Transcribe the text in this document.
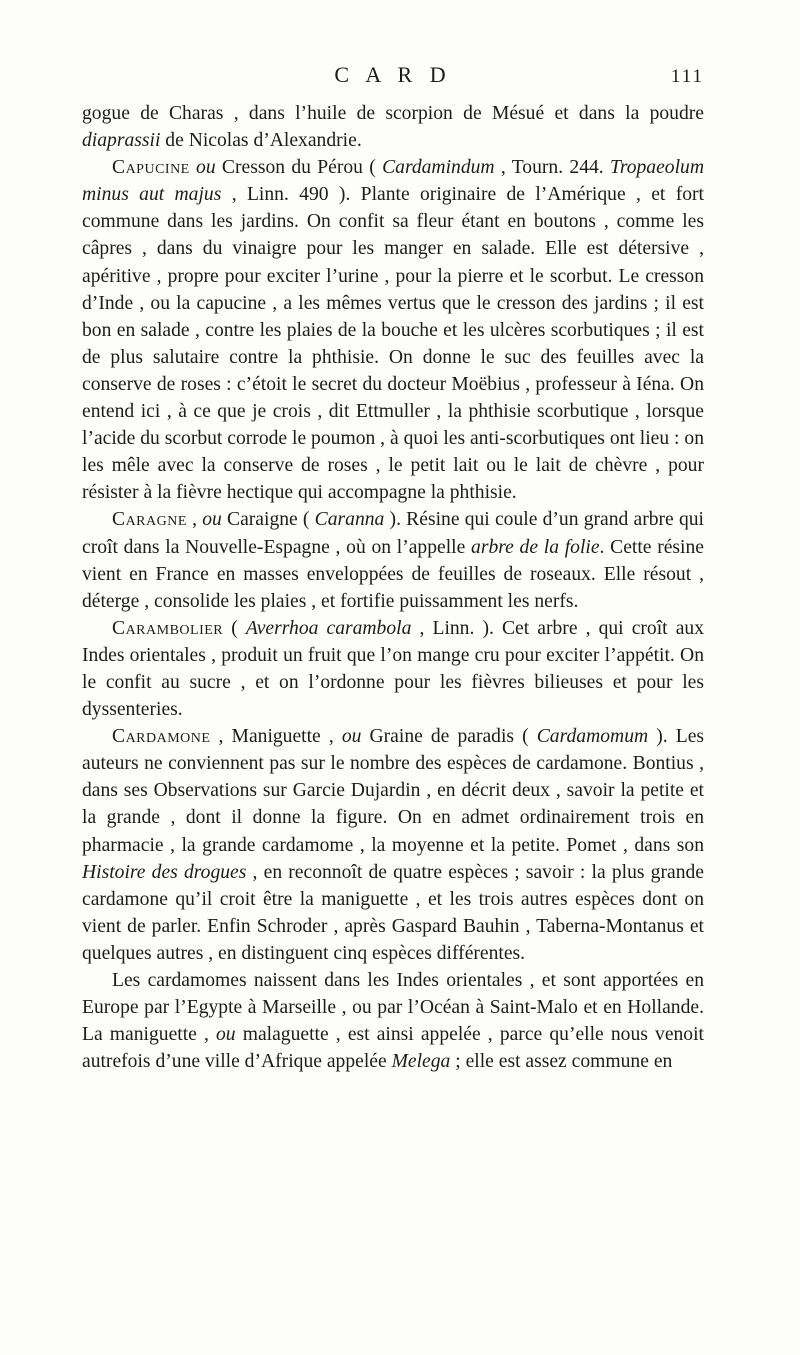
C A R D	111

gogue de Charas , dans l’huile de scorpion de Mésué et dans la poudre diaprassii de Nicolas d’Alexandrie.

Capucine ou Cresson du Pérou ( Cardamindum , Tourn. 244. Tropaeolum minus aut majus , Linn. 490 ). Plante originaire de l’Amérique , et fort commune dans les jardins. On confit sa fleur étant en boutons , comme les câpres , dans du vinaigre pour les manger en salade. Elle est détersive , apéritive , propre pour exciter l’urine , pour la pierre et le scorbut. Le cresson d’Inde , ou la capucine , a les mêmes vertus que le cresson des jardins ; il est bon en salade , contre les plaies de la bouche et les ulcères scorbutiques ; il est de plus salutaire contre la phthisie. On donne le suc des feuilles avec la conserve de roses : c’étoit le secret du docteur Moëbius , professeur à Iéna. On entend ici , à ce que je crois , dit Ettmuller , la phthisie scorbutique , lorsque l’acide du scorbut corrode le poumon , à quoi les anti-scorbutiques ont lieu : on les mêle avec la conserve de roses , le petit lait ou le lait de chèvre , pour résister à la fièvre hectique qui accompagne la phthisie.

Caragne , ou Caraigne ( Caranna ). Résine qui coule d’un grand arbre qui croît dans la Nouvelle-Espagne , où on l’appelle arbre de la folie. Cette résine vient en France en masses enveloppées de feuilles de roseaux. Elle résout , déterge , consolide les plaies , et fortifie puissamment les nerfs.

Carambolier ( Averrhoa carambola , Linn. ). Cet arbre , qui croît aux Indes orientales , produit un fruit que l’on mange cru pour exciter l’appétit. On le confit au sucre , et on l’ordonne pour les fièvres bilieuses et pour les dyssenteries.

Cardamone , Maniguette , ou Graine de paradis ( Cardamomum ). Les auteurs ne conviennent pas sur le nombre des espèces de cardamone. Bontius , dans ses Observations sur Garcie Dujardin , en décrit deux , savoir la petite et la grande , dont il donne la figure. On en admet ordinairement trois en pharmacie , la grande cardamome , la moyenne et la petite. Pomet , dans son Histoire des drogues , en reconnoît de quatre espèces ; savoir : la plus grande cardamone qu’il croit être la maniguette , et les trois autres espèces dont on vient de parler. Enfin Schroder , après Gaspard Bauhin , Taberna-Montanus et quelques autres , en distinguent cinq espèces différentes.

Les cardamomes naissent dans les Indes orientales , et sont apportées en Europe par l’Egypte à Marseille , ou par l’Océan à Saint-Malo et en Hollande. La maniguette , ou malaguette , est ainsi appelée , parce qu’elle nous venoit autrefois d’une ville d’Afrique appelée Melega ; elle est assez commune en
